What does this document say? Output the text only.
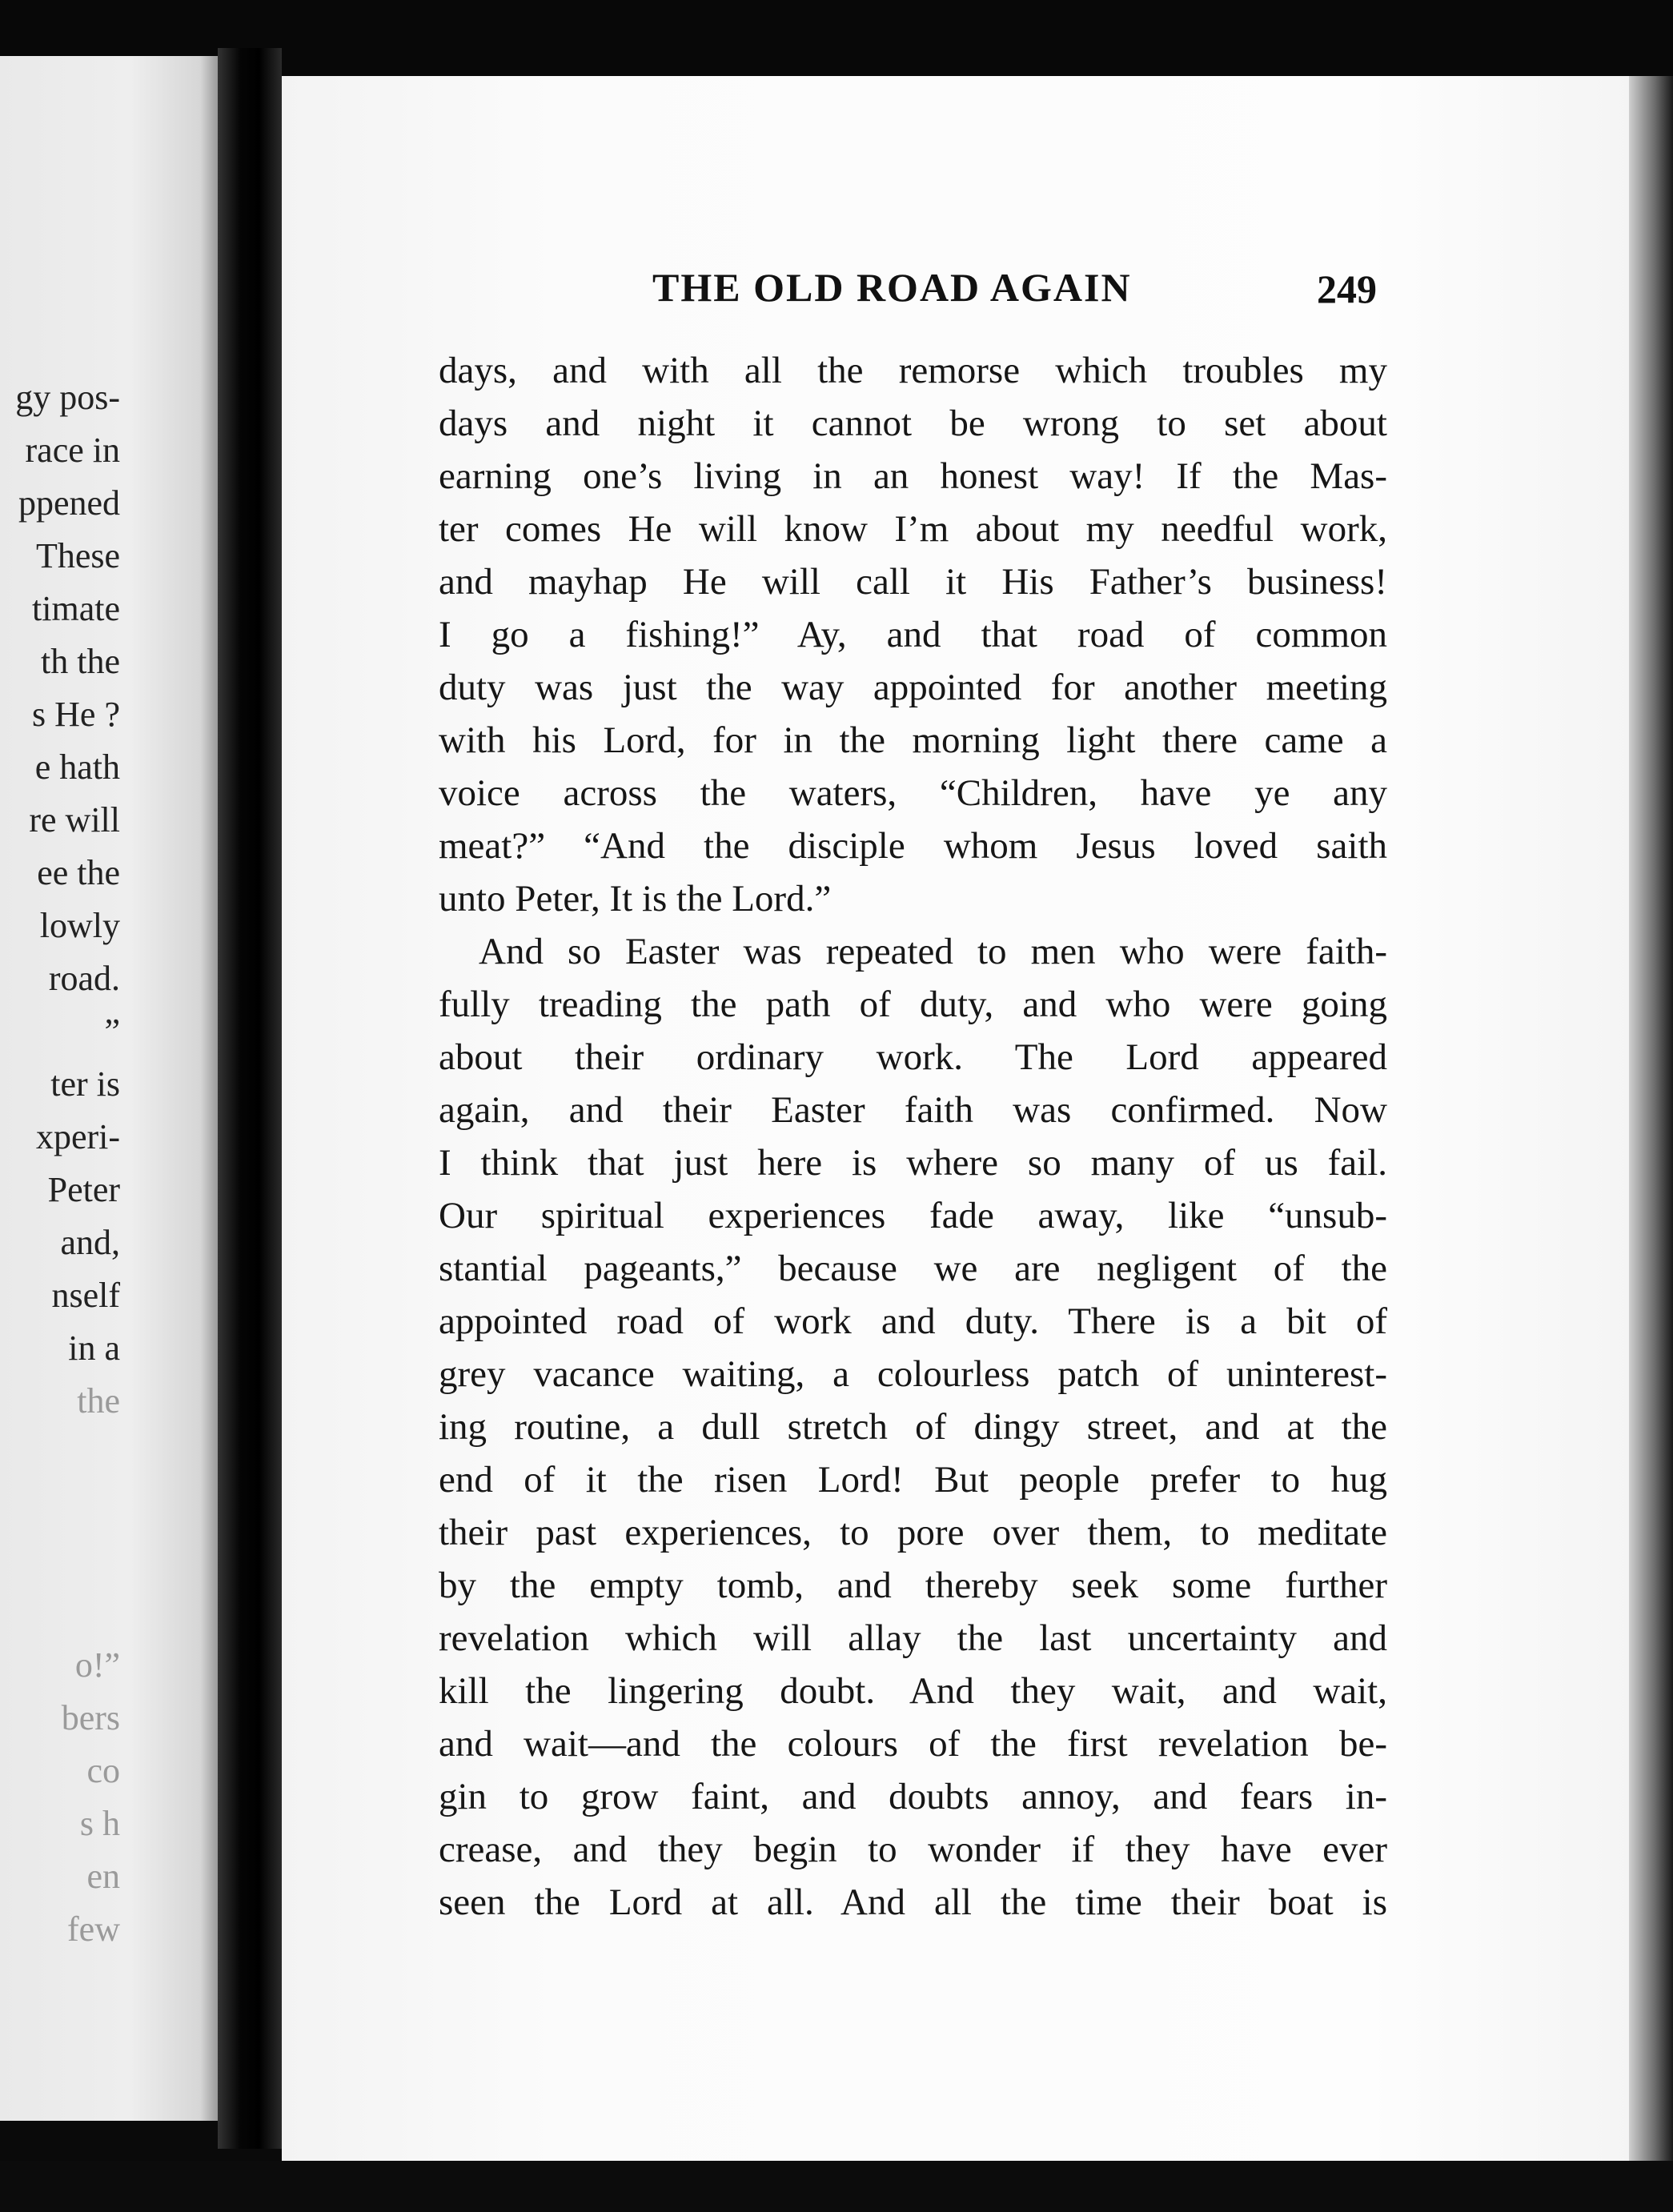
gy pos-
race in
ppened
These
timate
th the
s He ?
e hath
re will
ee the
lowly
road.
”
ter is
xperi-
Peter
and,
nself
in a
the
o!”
bers
co
s h
en
few
THE OLD ROAD AGAIN	249
days, and with all the remorse which troubles my
days and night it cannot be wrong to set about
earning one’s living in an honest way! If the Mas-
ter comes He will know I’m about my needful work,
and mayhap He will call it His Father’s business!
I go a fishing!” Ay, and that road of common
duty was just the way appointed for another meeting
with his Lord, for in the morning light there came a
voice across the waters, “Children, have ye any
meat?” “And the disciple whom Jesus loved saith
unto Peter, It is the Lord.”
And so Easter was repeated to men who were faith-
fully treading the path of duty, and who were going
about their ordinary work. The Lord appeared
again, and their Easter faith was confirmed. Now
I think that just here is where so many of us fail.
Our spiritual experiences fade away, like “unsub-
stantial pageants,” because we are negligent of the
appointed road of work and duty. There is a bit of
grey vacance waiting, a colourless patch of uninterest-
ing routine, a dull stretch of dingy street, and at the
end of it the risen Lord! But people prefer to hug
their past experiences, to pore over them, to meditate
by the empty tomb, and thereby seek some further
revelation which will allay the last uncertainty and
kill the lingering doubt. And they wait, and wait,
and wait—and the colours of the first revelation be-
gin to grow faint, and doubts annoy, and fears in-
crease, and they begin to wonder if they have ever
seen the Lord at all. And all the time their boat is
